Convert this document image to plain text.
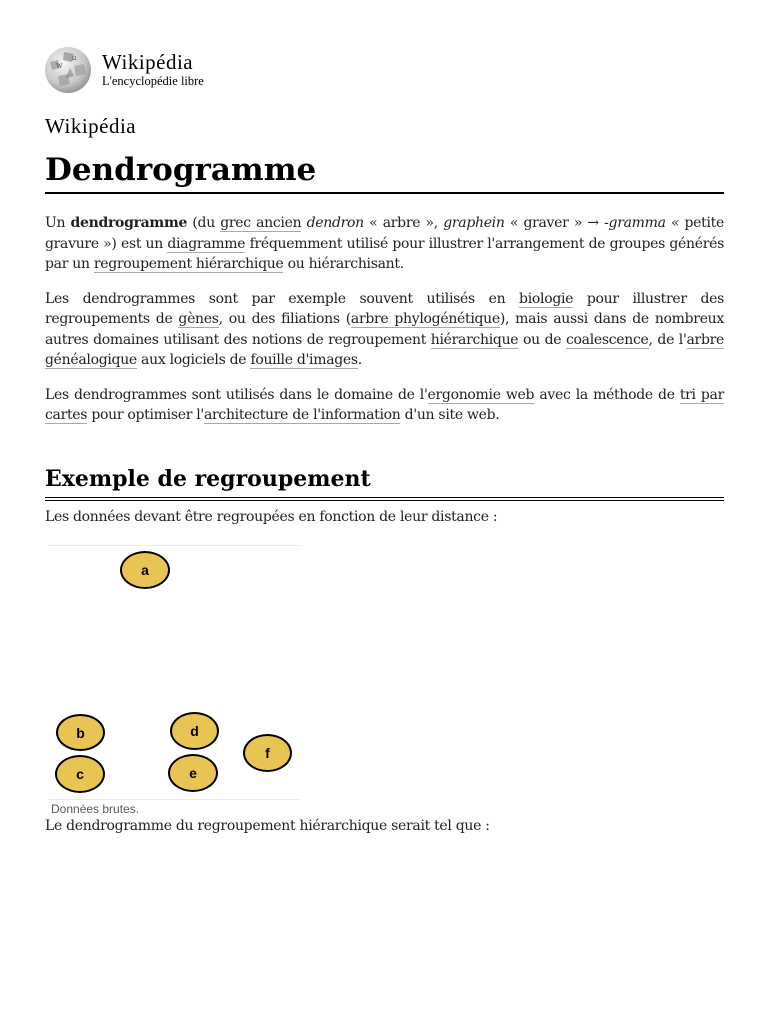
W
Ω Wikipédia
L'encyclopédie libre
Wikipédia
Dendrogramme

Un dendrogramme (du grec ancien dendron « arbre », graphein « graver » → -gramma « petite gravure ») est un diagramme fréquemment utilisé pour illustrer l'arrangement de groupes générés par un regroupement hiérarchique ou hiérarchisant.

Les dendrogrammes sont par exemple souvent utilisés en biologie pour illustrer des regroupements de gènes, ou des filiations (arbre phylogénétique), mais aussi dans de nombreux autres domaines utilisant des notions de regroupement hiérarchique ou de coalescence, de l'arbre généalogique aux logiciels de fouille d'images.

Les dendrogrammes sont utilisés dans le domaine de l'ergonomie web avec la méthode de tri par cartes pour optimiser l'architecture de l'information d'un site web.

Exemple de regroupement

Les données devant être regroupées en fonction de leur distance :

a
b
c
d
e
f
Données brutes.

Le dendrogramme du regroupement hiérarchique serait tel que :
